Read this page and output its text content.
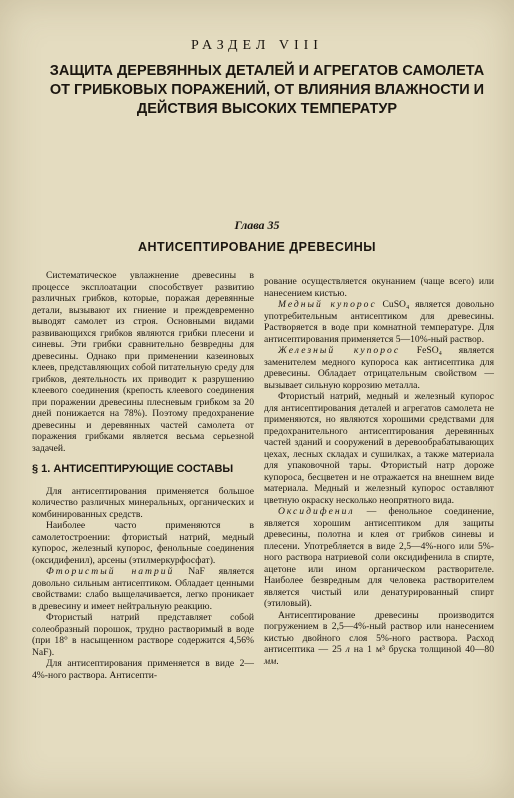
РАЗДЕЛ VIII
ЗАЩИТА ДЕРЕВЯННЫХ ДЕТАЛЕЙ И АГРЕГАТОВ САМОЛЕТА
ОТ ГРИБКОВЫХ ПОРАЖЕНИЙ, ОТ ВЛИЯНИЯ ВЛАЖНОСТИ И
ДЕЙСТВИЯ ВЫСОКИХ ТЕМПЕРАТУР
Глава 35
АНТИСЕПТИРОВАНИЕ ДРЕВЕСИНЫ

Систематическое увлажнение древесины в процессе эксплоатации способствует развитию различных грибков, которые, поражая деревянные детали, вызывают их гниение и преждевременно выводят самолет из строя. Основными видами развивающихся грибков являются грибки плесени и синевы. Эти грибки сравнительно безвредны для древесины. Однако при применении казеиновых клеев, представляющих собой питательную среду для грибков, деятельность их приводит к разрушению клеевого соединения (крепость клеевого соединения при поражении древесины плесневым грибком за 20 дней понижается на 78%). Поэтому предохранение древесины и деревянных частей самолета от поражения грибками является весьма серьезной задачей.

§ 1. АНТИСЕПТИРУЮЩИЕ СОСТАВЫ

Для антисептирования применяется большое количество различных минеральных, органических и комбинированных средств.

Наиболее часто применяются в самолетостроении: фтористый натрий, медный купорос, железный купорос, фенольные соединения (оксидифенил), арсены (этилмеркурфосфат).

Фтористый натрий NaF является довольно сильным антисептиком. Обладает ценными свойствами: слабо выщелачивается, легко проникает в древесину и имеет нейтральную реакцию.

Фтористый натрий представляет собой солеобразный порошок, трудно растворимый в воде (при 18° в насыщенном растворе содержится 4,56% NaF).

Для антисептирования применяется в виде 2—4%-ного раствора. Антисепти-

рование осуществляется окунанием (чаще всего) или нанесением кистью.

Медный купорос CuSO₄ является довольно употребительным антисептиком для древесины. Растворяется в воде при комнатной температуре. Для антисептирования применяется 5—10%-ный раствор.

Железный купорос FeSO₄ является заменителем медного купороса как антисептика для древесины. Обладает отрицательным свойством — вызывает сильную коррозию металла.

Фтористый натрий, медный и железный купорос для антисептирования деталей и агрегатов самолета не применяются, но являются хорошими средствами для предохранительного антисептирования деревянных частей зданий и сооружений в деревообрабатывающих цехах, лесных складах и сушилках, а также материала для упаковочной тары. Фтористый натр дороже купороса, бесцветен и не отражается на внешнем виде материала. Медный и железный купорос оставляют цветную окраску несколько неопрятного вида.

Оксидифенил — фенольное соединение, является хорошим антисептиком для защиты древесины, полотна и клея от грибков синевы и плесени. Употребляется в виде 2,5—4%-ного или 5%-ного раствора натриевой соли оксидифенила в спирте, ацетоне или ином органическом растворителе. Наиболее безвредным для человека растворителем является чистый или денатурированный спирт (этиловый).

Антисептирование древесины производится погружением в 2,5—4%-ный раствор или нанесением кистью двойного слоя 5%-ного раствора. Расход антисептика — 25 л на 1 м³ бруска толщиной 40—80 мм.
